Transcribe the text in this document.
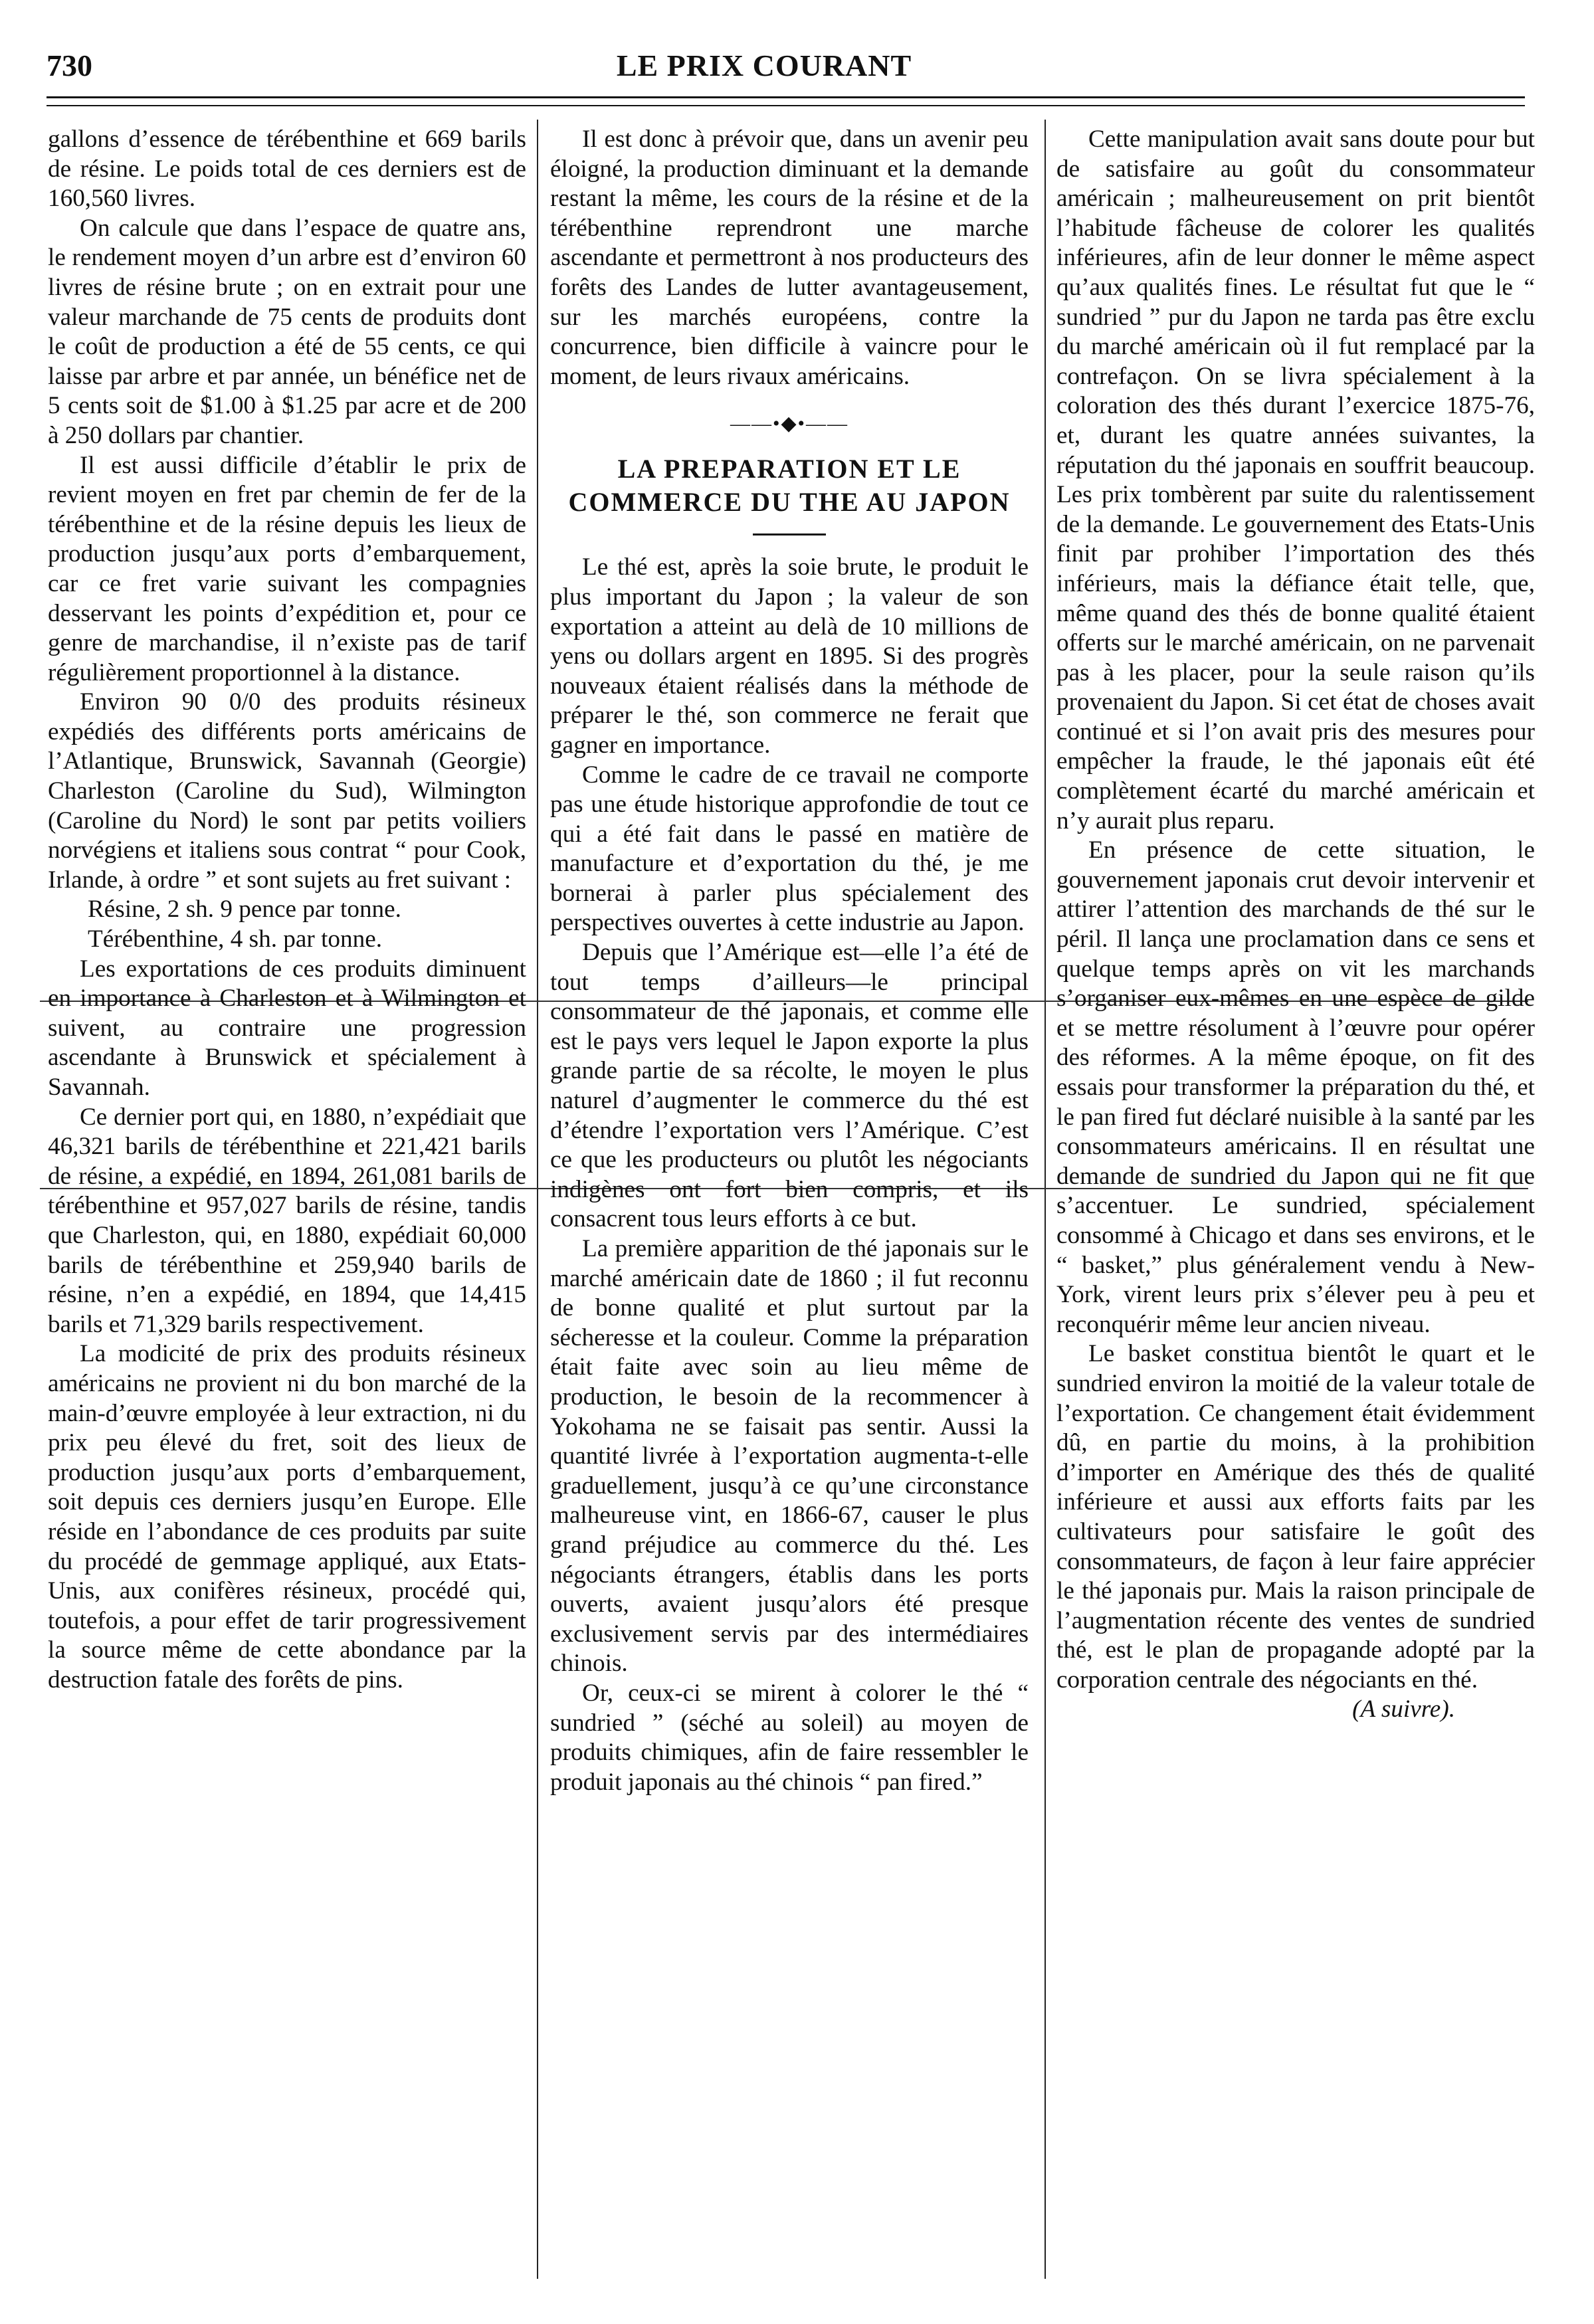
730	LE PRIX COURANT

gallons d’essence de térébenthine et 669 barils de résine. Le poids total de ces derniers est de 160,560 livres.

On calcule que dans l’espace de quatre ans, le rendement moyen d’un arbre est d’environ 60 livres de résine brute ; on en extrait pour une valeur marchande de 75 cents de produits dont le coût de production a été de 55 cents, ce qui laisse par arbre et par année, un bénéfice net de 5 cents soit de $1.00 à $1.25 par acre et de 200 à 250 dollars par chantier.

Il est aussi difficile d’établir le prix de revient moyen en fret par chemin de fer de la térébenthine et de la résine depuis les lieux de production jusqu’aux ports d’embarquement, car ce fret varie suivant les compagnies desservant les points d’expédition et, pour ce genre de marchandise, il n’existe pas de tarif régulièrement proportionnel à la distance.

Environ 90 0/0 des produits résineux expédiés des différents ports américains de l’Atlantique, Brunswick, Savannah (Georgie) Charleston (Caroline du Sud), Wilmington (Caroline du Nord) le sont par petits voiliers norvégiens et italiens sous contrat “ pour Cook, Irlande, à ordre ” et sont sujets au fret suivant :

Résine, 2 sh. 9 pence par tonne.

Térébenthine, 4 sh. par tonne.

Les exportations de ces produits diminuent en importance à Charleston et à Wilmington et suivent, au contraire une progression ascendante à Brunswick et spécialement à Savannah.

Ce dernier port qui, en 1880, n’expédiait que 46,321 barils de térébenthine et 221,421 barils de résine, a expédié, en 1894, 261,081 barils de térébenthine et 957,027 barils de résine, tandis que Charleston, qui, en 1880, expédiait 60,000 barils de térébenthine et 259,940 barils de résine, n’en a expédié, en 1894, que 14,415 barils et 71,329 barils respectivement.

La modicité de prix des produits résineux américains ne provient ni du bon marché de la main-d’œuvre employée à leur extraction, ni du prix peu élevé du fret, soit des lieux de production jusqu’aux ports d’embarquement, soit depuis ces derniers jusqu’en Europe. Elle réside en l’abondance de ces produits par suite du procédé de gemmage appliqué, aux Etats-Unis, aux conifères résineux, procédé qui, toutefois, a pour effet de tarir progressivement la source même de cette abondance par la destruction fatale des forêts de pins.

Il est donc à prévoir que, dans un avenir peu éloigné, la production diminuant et la demande restant la même, les cours de la résine et de la térébenthine reprendront une marche ascendante et permettront à nos producteurs des forêts des Landes de lutter avantageusement, sur les marchés européens, contre la concurrence, bien difficile à vaincre pour le moment, de leurs rivaux américains.

——•◆•——
LA PREPARATION ET LE COMMERCE DU THE AU JAPON

Le thé est, après la soie brute, le produit le plus important du Japon ; la valeur de son exportation a atteint au delà de 10 millions de yens ou dollars argent en 1895. Si des progrès nouveaux étaient réalisés dans la méthode de préparer le thé, son commerce ne ferait que gagner en importance.

Comme le cadre de ce travail ne comporte pas une étude historique approfondie de tout ce qui a été fait dans le passé en matière de manufacture et d’exportation du thé, je me bornerai à parler plus spécialement des perspectives ouvertes à cette industrie au Japon.

Depuis que l’Amérique est—elle l’a été de tout temps d’ailleurs—le principal consommateur de thé japonais, et comme elle est le pays vers lequel le Japon exporte la plus grande partie de sa récolte, le moyen le plus naturel d’augmenter le commerce du thé est d’étendre l’exportation vers l’Amérique. C’est ce que les producteurs ou plutôt les négociants indigènes ont fort bien compris, et ils consacrent tous leurs efforts à ce but.

La première apparition de thé japonais sur le marché américain date de 1860 ; il fut reconnu de bonne qualité et plut surtout par la sécheresse et la couleur. Comme la préparation était faite avec soin au lieu même de production, le besoin de la recommencer à Yokohama ne se faisait pas sentir. Aussi la quantité livrée à l’exportation augmenta-t-elle graduellement, jusqu’à ce qu’une circonstance malheureuse vint, en 1866-67, causer le plus grand préjudice au commerce du thé. Les négociants étrangers, établis dans les ports ouverts, avaient jusqu’alors été presque exclusivement servis par des intermédiaires chinois.

Or, ceux-ci se mirent à colorer le thé “ sundried ” (séché au soleil) au moyen de produits chimiques, afin de faire ressembler le produit japonais au thé chinois “ pan fired.”

Cette manipulation avait sans doute pour but de satisfaire au goût du consommateur américain ; malheureusement on prit bientôt l’habitude fâcheuse de colorer les qualités inférieures, afin de leur donner le même aspect qu’aux qualités fines. Le résultat fut que le “ sundried ” pur du Japon ne tarda pas être exclu du marché américain où il fut remplacé par la contrefaçon. On se livra spécialement à la coloration des thés durant l’exercice 1875-76, et, durant les quatre années suivantes, la réputation du thé japonais en souffrit beaucoup. Les prix tombèrent par suite du ralentissement de la demande. Le gouvernement des Etats-Unis finit par prohiber l’importation des thés inférieurs, mais la défiance était telle, que, même quand des thés de bonne qualité étaient offerts sur le marché américain, on ne parvenait pas à les placer, pour la seule raison qu’ils provenaient du Japon. Si cet état de choses avait continué et si l’on avait pris des mesures pour empêcher la fraude, le thé japonais eût été complètement écarté du marché américain et n’y aurait plus reparu.

En présence de cette situation, le gouvernement japonais crut devoir intervenir et attirer l’attention des marchands de thé sur le péril. Il lança une proclamation dans ce sens et quelque temps après on vit les marchands s’organiser eux-mêmes en une espèce de gilde et se mettre résolument à l’œuvre pour opérer des réformes. A la même époque, on fit des essais pour transformer la préparation du thé, et le pan fired fut déclaré nuisible à la santé par les consommateurs américains. Il en résultat une demande de sundried du Japon qui ne fit que s’accentuer. Le sundried, spécialement consommé à Chicago et dans ses environs, et le “ basket,” plus généralement vendu à New-York, virent leurs prix s’élever peu à peu et reconquérir même leur ancien niveau.

Le basket constitua bientôt le quart et le sundried environ la moitié de la valeur totale de l’exportation. Ce changement était évidemment dû, en partie du moins, à la prohibition d’importer en Amérique des thés de qualité inférieure et aussi aux efforts faits par les cultivateurs pour satisfaire le goût des consommateurs, de façon à leur faire apprécier le thé japonais pur. Mais la raison principale de l’augmentation récente des ventes de sundried thé, est le plan de propagande adopté par la corporation centrale des négociants en thé.

(A suivre).
